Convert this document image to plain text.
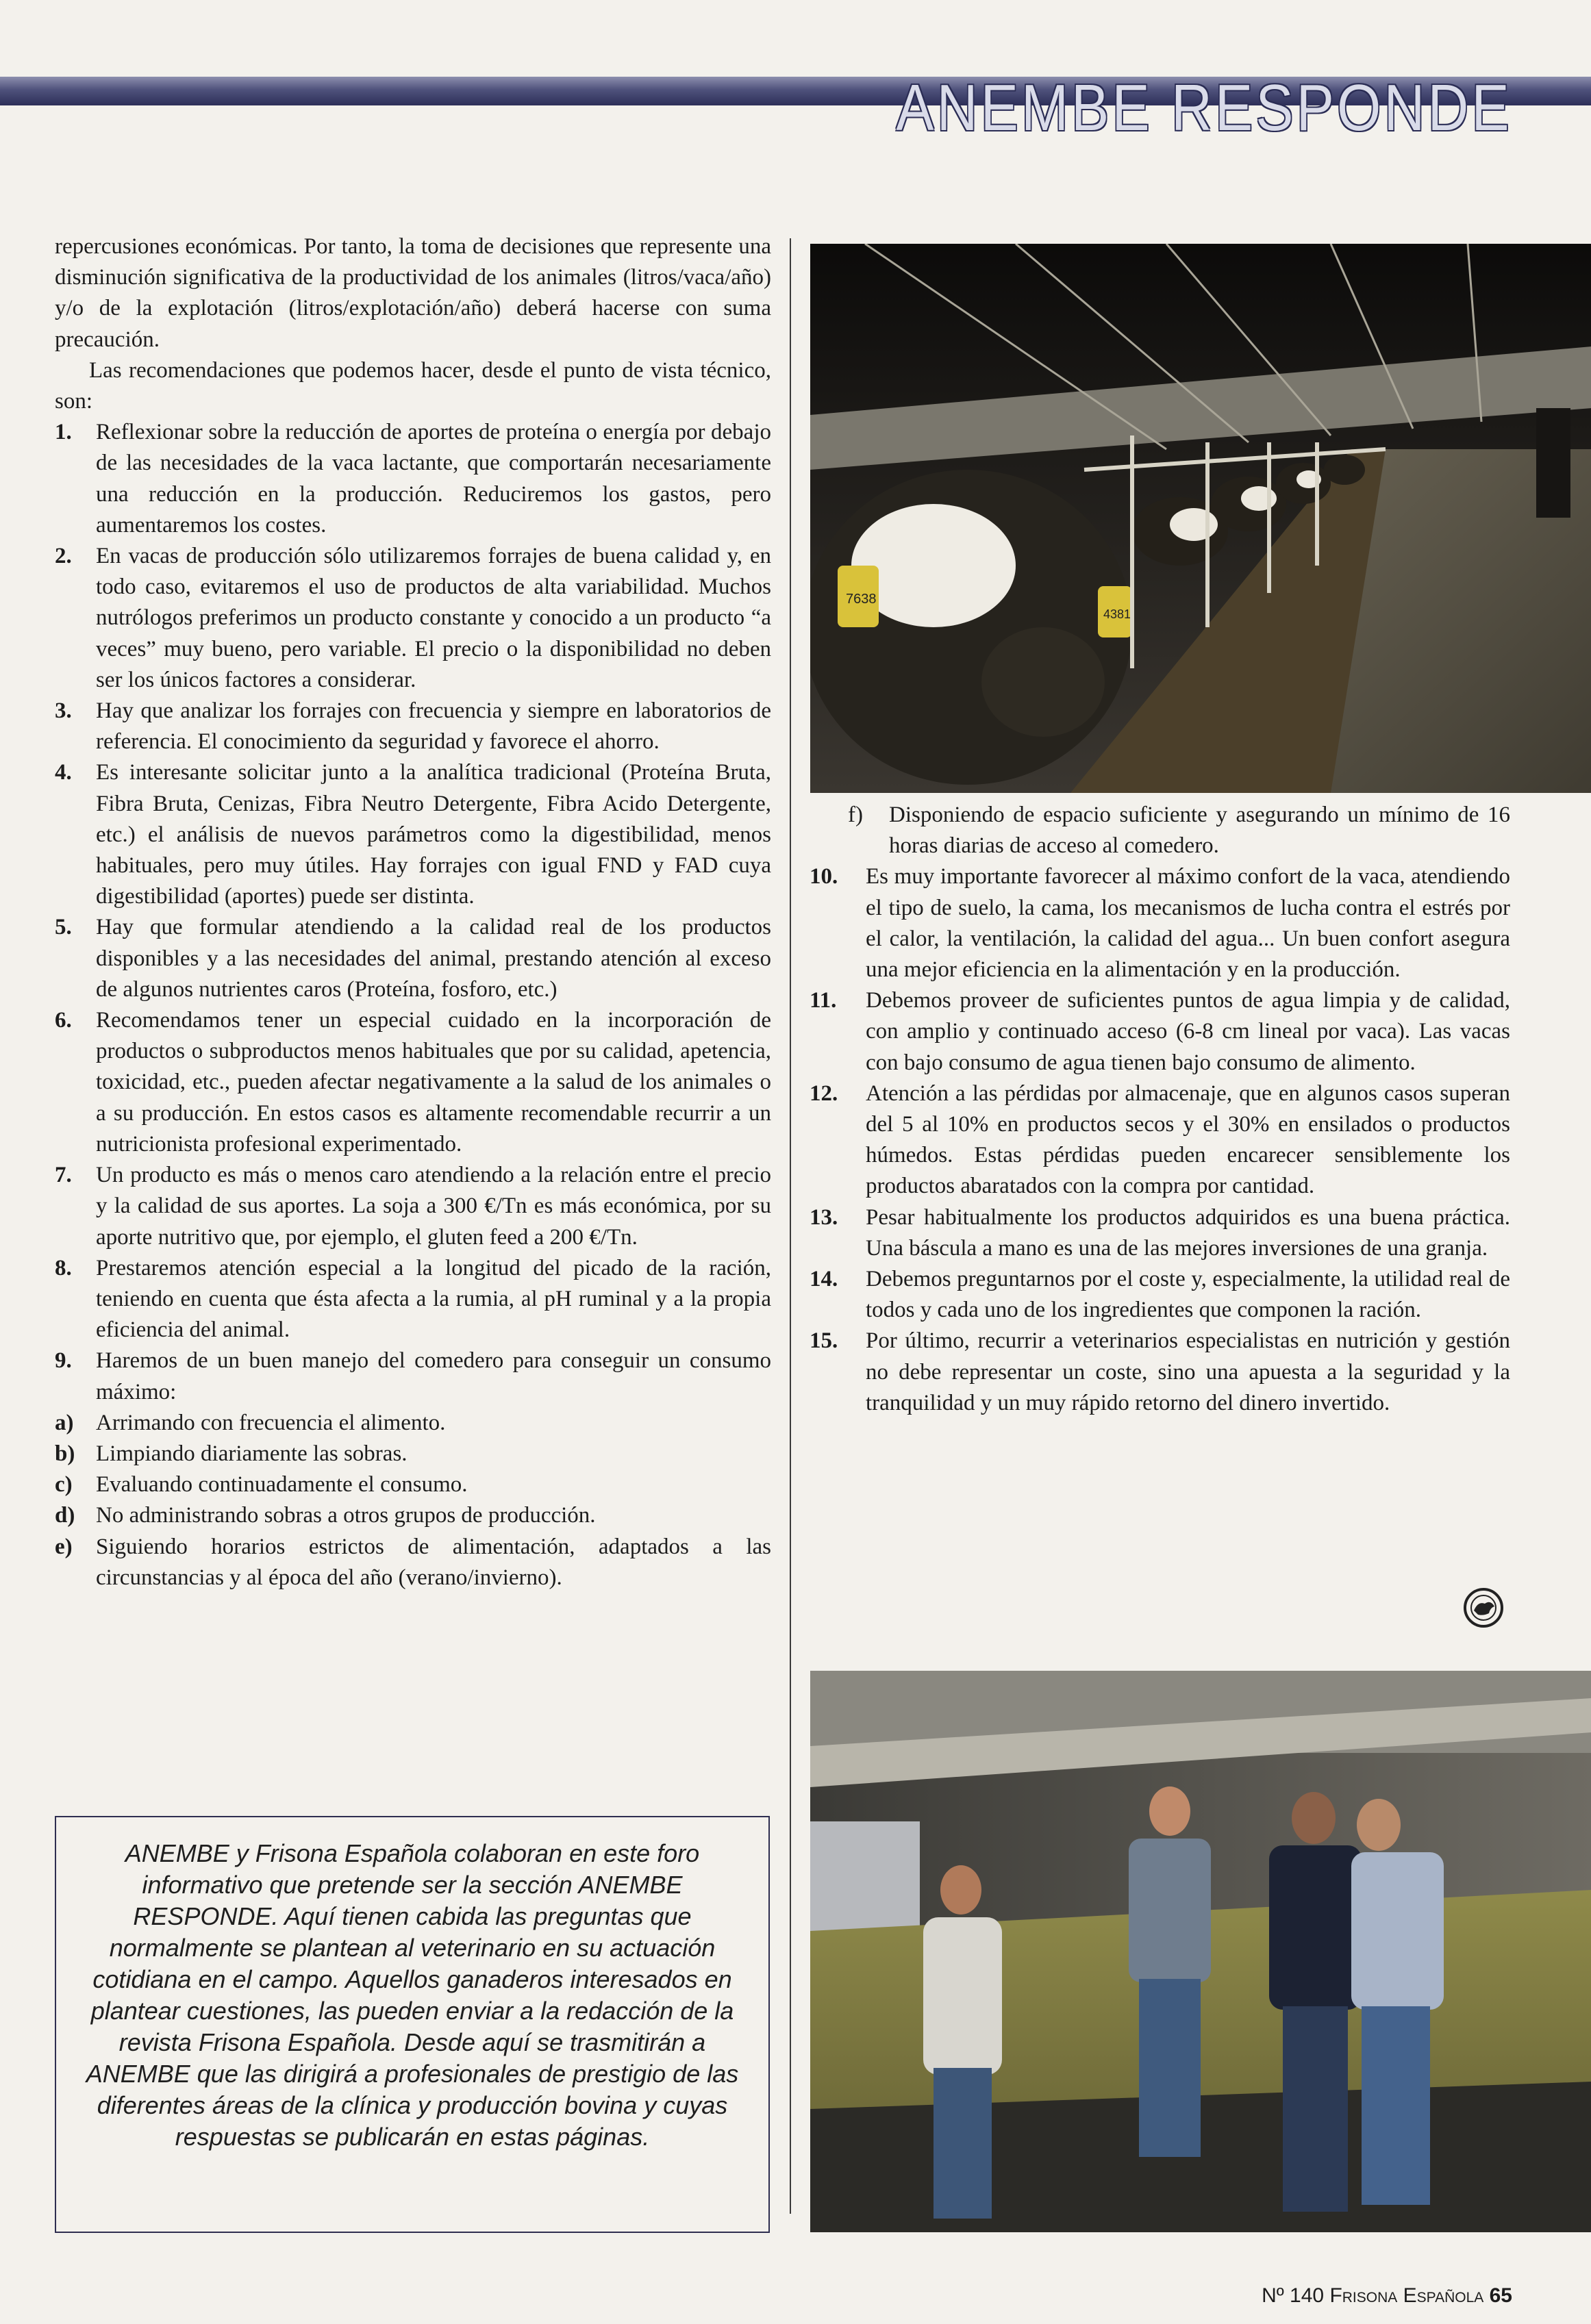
ANEMBE RESPONDE

repercusiones económicas. Por tanto, la toma de decisiones que represente una disminución significativa de la productividad de los animales (litros/vaca/año) y/o de la explotación (litros/explotación/año) deberá hacerse con suma precaución.

Las recomendaciones que podemos hacer, desde el punto de vista técnico, son:

1. Reflexionar sobre la reducción de aportes de proteína o energía por debajo de las necesidades de la vaca lactante, que comportarán necesariamente una reducción en la producción. Reduciremos los gastos, pero aumentaremos los costes.
2. En vacas de producción sólo utilizaremos forrajes de buena calidad y, en todo caso, evitaremos el uso de productos de alta variabilidad. Muchos nutrólogos preferimos un producto constante y conocido a un producto “a veces” muy bueno, pero variable. El precio o la disponibilidad no deben ser los únicos factores a considerar.
3. Hay que analizar los forrajes con frecuencia y siempre en laboratorios de referencia. El conocimiento da seguridad y favorece el ahorro.
4. Es interesante solicitar junto a la analítica tradicional (Proteína Bruta, Fibra Bruta, Cenizas, Fibra Neutro Detergente, Fibra Acido Detergente, etc.) el análisis de nuevos parámetros como la digestibilidad, menos habituales, pero muy útiles. Hay forrajes con igual FND y FAD cuya digestibilidad (aportes) puede ser distinta.
5. Hay que formular atendiendo a la calidad real de los productos disponibles y a las necesidades del animal, prestando atención al exceso de algunos nutrientes caros (Proteína, fosforo, etc.)
6. Recomendamos tener un especial cuidado en la incorporación de productos o subproductos menos habituales que por su calidad, apetencia, toxicidad, etc., pueden afectar negativamente a la salud de los animales o a su producción. En estos casos es altamente recomendable recurrir a un nutricionista profesional experimentado.
7. Un producto es más o menos caro atendiendo a la relación entre el precio y la calidad de sus aportes. La soja a 300 €/Tn es más económica, por su aporte nutritivo que, por ejemplo, el gluten feed a 200 €/Tn.
8. Prestaremos atención especial a la longitud del picado de la ración, teniendo en cuenta que ésta afecta a la rumia, al pH ruminal y a la propia eficiencia del animal.
9. Haremos de un buen manejo del comedero para conseguir un consumo máximo:
a) Arrimando con frecuencia el alimento.
b) Limpiando diariamente las sobras.
c) Evaluando continuadamente el consumo.
d) No administrando sobras a otros grupos de producción.
e) Siguiendo horarios estrictos de alimentación, adaptados a las circunstancias y al época del año (verano/invierno).
ANEMBE y Frisona Española colaboran en este foro informativo que pretende ser la sección ANEMBE RESPONDE. Aquí tienen cabida las preguntas que normalmente se plantean al veterinario en su actuación cotidiana en el campo. Aquellos ganaderos interesados en plantear cuestiones, las pueden enviar a la redacción de la revista Frisona Española. Desde aquí se trasmitirán a ANEMBE que las dirigirá a profesionales de prestigio de las diferentes áreas de la clínica y producción bovina y cuyas respuestas se publicarán en estas páginas.
7638
4381
f) Disponiendo de espacio suficiente y asegurando un mínimo de 16 horas diarias de acceso al comedero.
10. Es muy importante favorecer al máximo confort de la vaca, atendiendo el tipo de suelo, la cama, los mecanismos de lucha contra el estrés por el calor, la ventilación, la calidad del agua... Un buen confort asegura una mejor eficiencia en la alimentación y en la producción.
11. Debemos proveer de suficientes puntos de agua limpia y de calidad, con amplio y continuado acceso (6-8 cm lineal por vaca). Las vacas con bajo consumo de agua tienen bajo consumo de alimento.
12. Atención a las pérdidas por almacenaje, que en algunos casos superan del 5 al 10% en productos secos y el 30% en ensilados o productos húmedos. Estas pérdidas pueden encarecer sensiblemente los productos abaratados con la compra por cantidad.
13. Pesar habitualmente los productos adquiridos es una buena práctica. Una báscula a mano es una de las mejores inversiones de una granja.
14. Debemos preguntarnos por el coste y, especialmente, la utilidad real de todos y cada uno de los ingredientes que componen la ración.
15. Por último, recurrir a veterinarios especialistas en nutrición y gestión no debe representar un coste, sino una apuesta a la seguridad y la tranquilidad y un muy rápido retorno del dinero invertido.
Nº 140 Frisona Española 65
